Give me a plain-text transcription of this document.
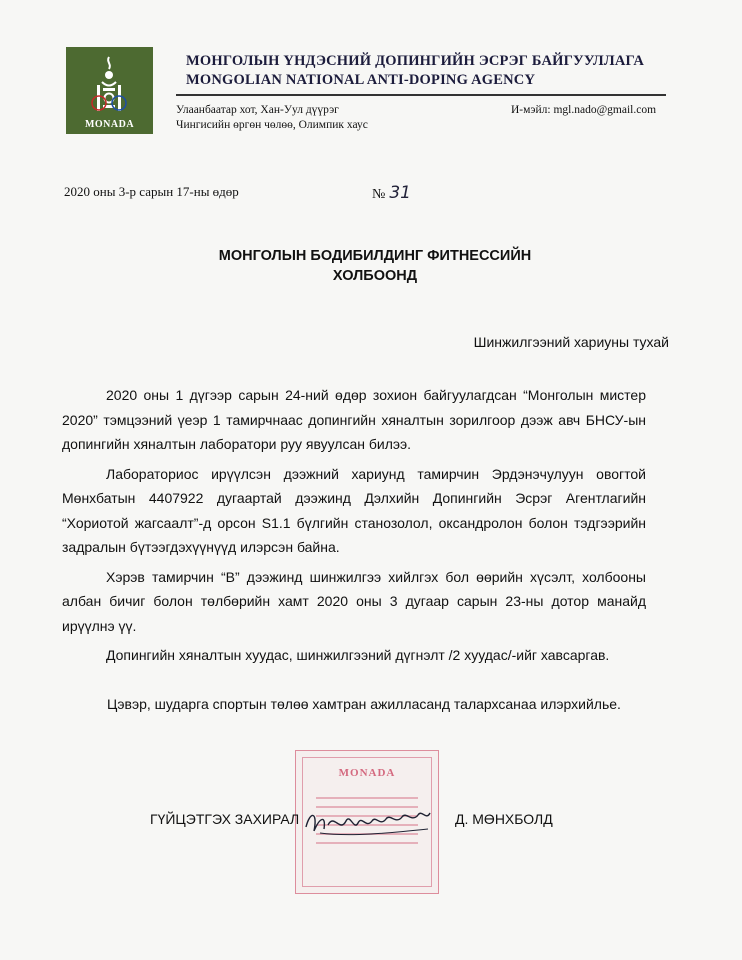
MONADA
МОНГОЛЫН ҮНДЭСНИЙ ДОПИНГИЙН ЭСРЭГ БАЙГУУЛЛАГА
MONGOLIAN NATIONAL ANTI-DOPING AGENCY
Улаанбаатар хот, Хан-Уул дүүрэг
Чингисийн өргөн чөлөө, Олимпик хаус
И-мэйл: mgl.nado@gmail.com
2020 оны 3-р сарын 17-ны өдөр	№ 31
МОНГОЛЫН БОДИБИЛДИНГ ФИТНЕССИЙН
ХОЛБООНД
Шинжилгээний хариуны тухай

2020 оны 1 дүгээр сарын 24-ний өдөр зохион байгуулагдсан “Монголын мистер 2020” тэмцээний үеэр 1 тамирчнаас допингийн хяналтын зорилгоор дээж авч БНСУ-ын допингийн хяналтын лаборатори руу явуулсан билээ.

Лабораториос ирүүлсэн дээжний хариунд тамирчин Эрдэнэчулуун овогтой Мөнхбатын 4407922 дугаартай дээжинд Дэлхийн Допингийн Эсрэг Агентлагийн “Хориотой жагсаалт”-д орсон S1.1 бүлгийн станозолол, оксандролон болон тэдгээрийн задралын бүтээгдэхүүнүүд илэрсэн байна.

Хэрэв тамирчин “В” дээжинд шинжилгээ хийлгэх бол өөрийн хүсэлт, холбооны албан бичиг болон төлбөрийн хамт 2020 оны 3 дугаар сарын 23-ны дотор манайд ирүүлнэ үү.

Допингийн хяналтын хуудас, шинжилгээний дүгнэлт /2 хуудас/-ийг хавсаргав.

Цэвэр, шударга спортын төлөө хамтран ажилласанд талархсанаа илэрхийлье.
MONADA
ГҮЙЦЭТГЭХ ЗАХИРАЛ	Д. МӨНХБОЛД
